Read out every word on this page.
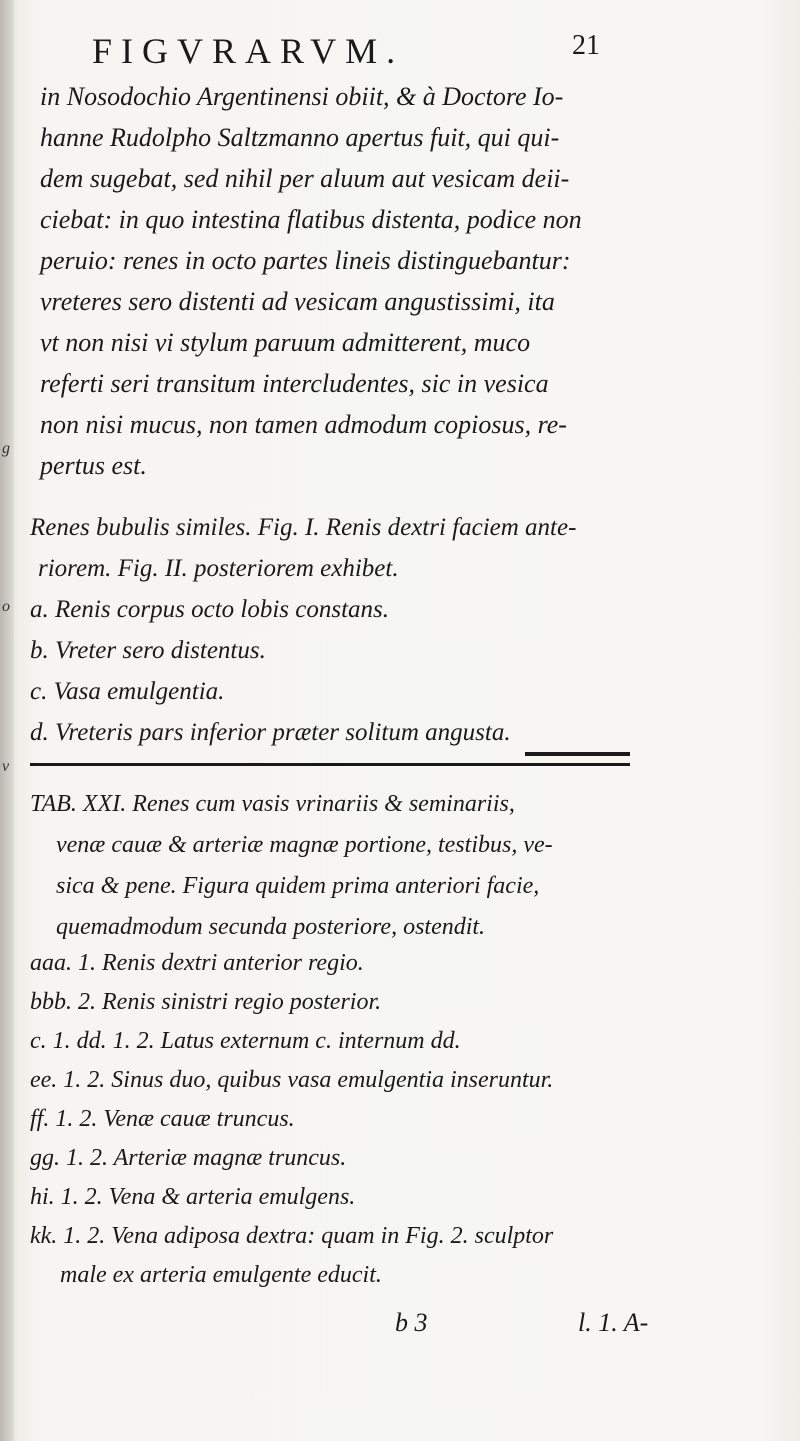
g
o
v
FIGVRARVM.	21
in Nosodochio Argentinensi obiit, & à Doctore Io-
hanne Rudolpho Saltzmanno apertus fuit, qui qui-
dem sugebat, sed nihil per aluum aut vesicam deii-
ciebat: in quo intestina flatibus distenta, podice non
peruio: renes in octo partes lineis distinguebantur:
vreteres sero distenti ad vesicam angustissimi, ita
vt non nisi vi stylum paruum admitterent, muco
referti seri transitum intercludentes, sic in vesica
non nisi mucus, non tamen admodum copiosus, re-
pertus est.
Renes bubulis similes. Fig. I. Renis dextri faciem ante-
riorem. Fig. II. posteriorem exhibet.
a. Renis corpus octo lobis constans.
b. Vreter sero distentus.
c. Vasa emulgentia.
d. Vreteris pars inferior præter solitum angusta.
TAB. XXI. Renes cum vasis vrinariis & seminariis,
venæ cauæ & arteriæ magnæ portione, testibus, ve-
sica & pene. Figura quidem prima anteriori facie,
quemadmodum secunda posteriore, ostendit.
aaa. 1. Renis dextri anterior regio.
bbb. 2. Renis sinistri regio posterior.
c. 1. dd. 1. 2. Latus externum c. internum dd.
ee. 1. 2. Sinus duo, quibus vasa emulgentia inseruntur.
ff. 1. 2. Venæ cauæ truncus.
gg. 1. 2. Arteriæ magnæ truncus.
hi. 1. 2. Vena & arteria emulgens.
kk. 1. 2. Vena adiposa dextra: quam in Fig. 2. sculptor
male ex arteria emulgente educit.
b 3	l. 1. A-
